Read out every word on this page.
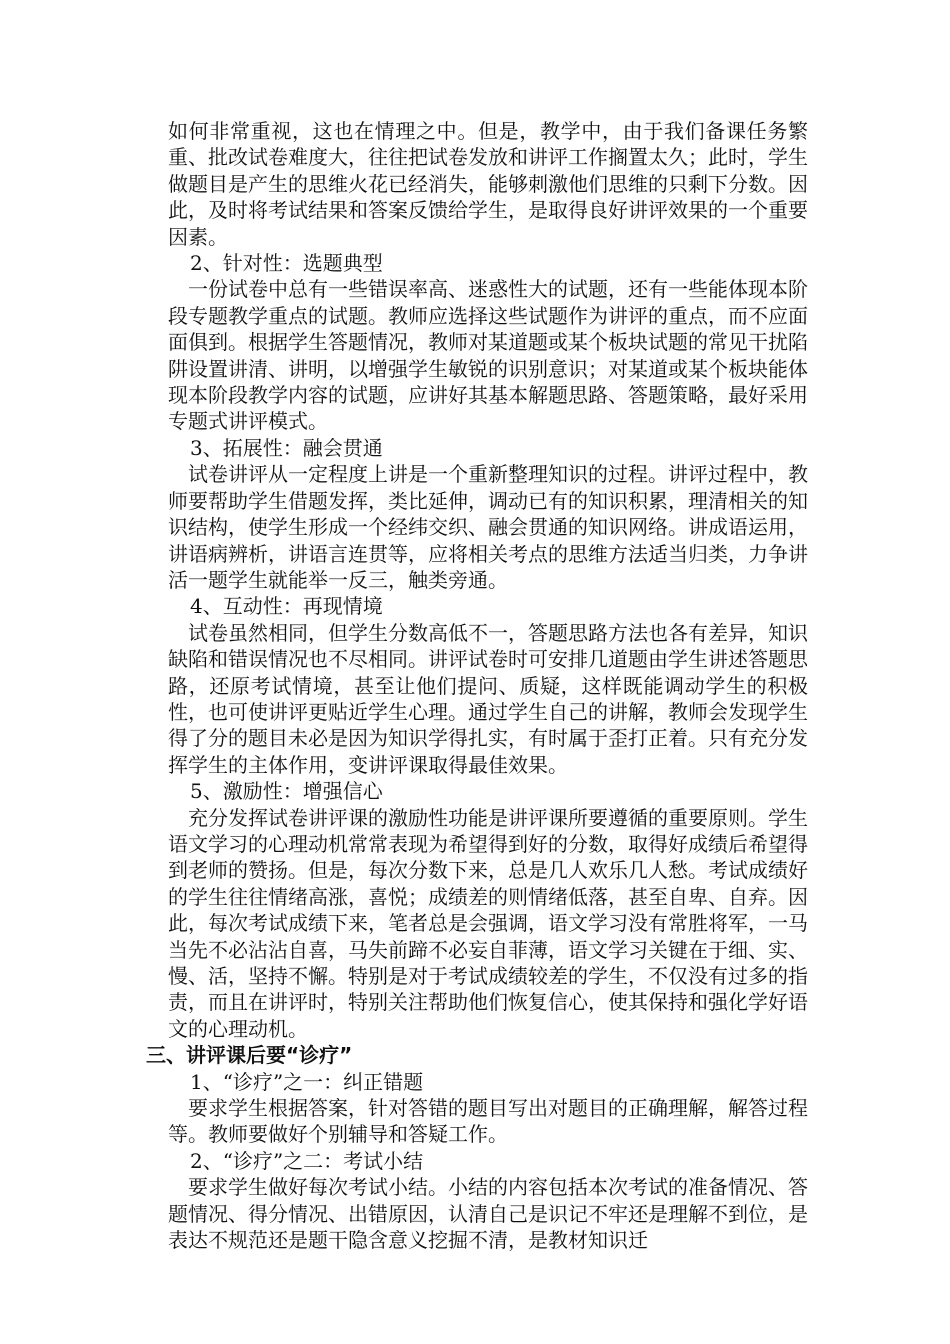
如何非常重视，这也在情理之中。但是，教学中，由于我们备课任务繁重、批改试卷难度大，往往把试卷发放和讲评工作搁置太久；此时，学生做题目是产生的思维火花已经消失，能够刺激他们思维的只剩下分数。因此，及时将考试结果和答案反馈给学生，是取得良好讲评效果的一个重要因素。

2、针对性：选题典型

一份试卷中总有一些错误率高、迷惑性大的试题，还有一些能体现本阶段专题教学重点的试题。教师应选择这些试题作为讲评的重点，而不应面面俱到。根据学生答题情况，教师对某道题或某个板块试题的常见干扰陷阱设置讲清、讲明，以增强学生敏锐的识别意识；对某道或某个板块能体现本阶段教学内容的试题，应讲好其基本解题思路、答题策略，最好采用专题式讲评模式。

3、拓展性：融会贯通

试卷讲评从一定程度上讲是一个重新整理知识的过程。讲评过程中，教师要帮助学生借题发挥，类比延伸，调动已有的知识积累，理清相关的知识结构，使学生形成一个经纬交织、融会贯通的知识网络。讲成语运用，讲语病辨析，讲语言连贯等，应将相关考点的思维方法适当归类，力争讲活一题学生就能举一反三，触类旁通。

4、互动性：再现情境

试卷虽然相同，但学生分数高低不一，答题思路方法也各有差异，知识缺陷和错误情况也不尽相同。讲评试卷时可安排几道题由学生讲述答题思路，还原考试情境，甚至让他们提问、质疑，这样既能调动学生的积极性，也可使讲评更贴近学生心理。通过学生自己的讲解，教师会发现学生得了分的题目未必是因为知识学得扎实，有时属于歪打正着。只有充分发挥学生的主体作用，变讲评课取得最佳效果。

5、激励性：增强信心

充分发挥试卷讲评课的激励性功能是讲评课所要遵循的重要原则。学生语文学习的心理动机常常表现为希望得到好的分数，取得好成绩后希望得到老师的赞扬。但是，每次分数下来，总是几人欢乐几人愁。考试成绩好的学生往往情绪高涨，喜悦；成绩差的则情绪低落，甚至自卑、自弃。因此，每次考试成绩下来，笔者总是会强调，语文学习没有常胜将军，一马当先不必沾沾自喜，马失前蹄不必妄自菲薄，语文学习关键在于细、实、慢、活，坚持不懈。特别是对于考试成绩较差的学生，不仅没有过多的指责，而且在讲评时，特别关注帮助他们恢复信心，使其保持和强化学好语文的心理动机。

三、讲评课后要“诊疗”

1、“诊疗”之一：纠正错题

要求学生根据答案，针对答错的题目写出对题目的正确理解，解答过程等。教师要做好个别辅导和答疑工作。

2、“诊疗”之二：考试小结

要求学生做好每次考试小结。小结的内容包括本次考试的准备情况、答题情况、得分情况、出错原因，认清自己是识记不牢还是理解不到位，是表达不规范还是题干隐含意义挖掘不清，是教材知识迁
